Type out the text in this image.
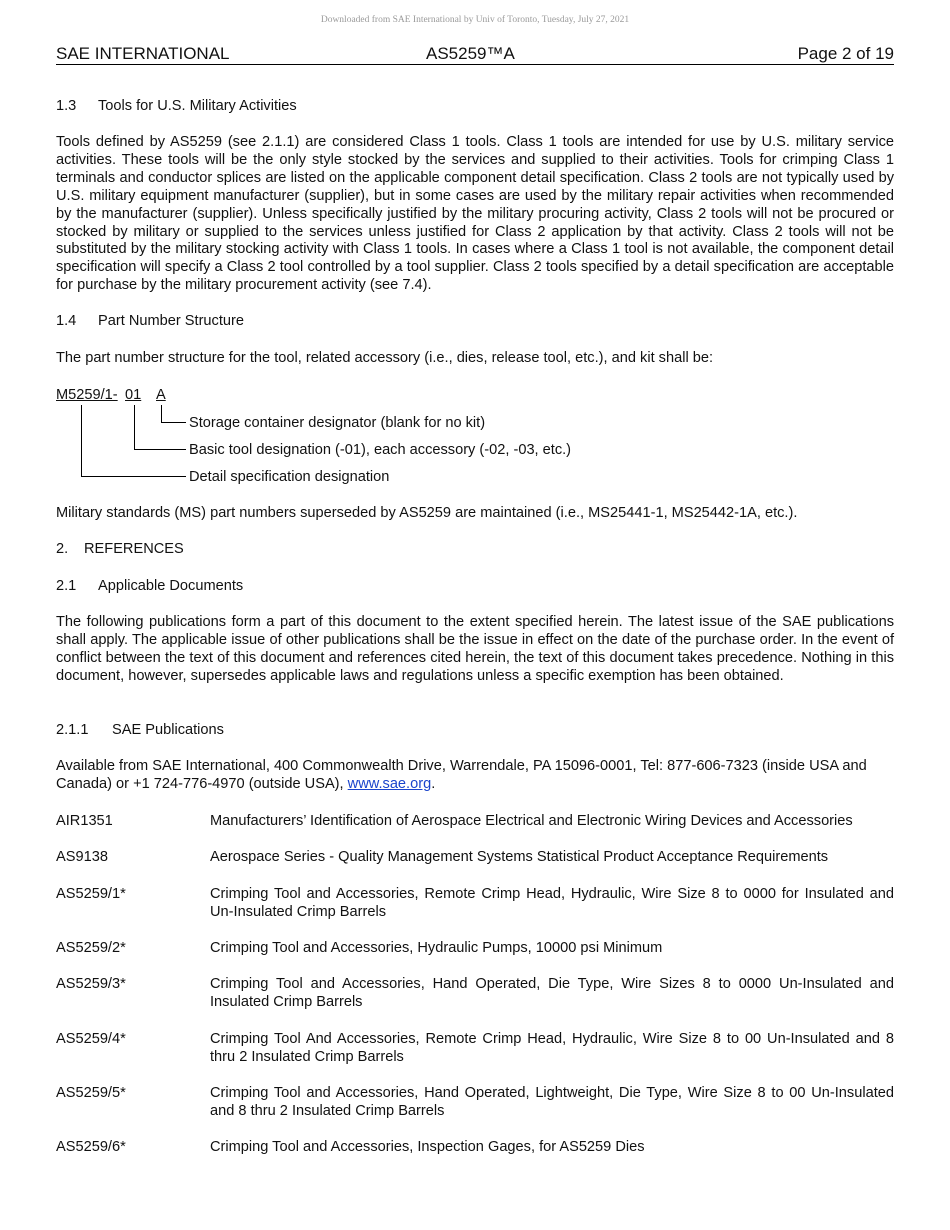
Downloaded from SAE International by Univ of Toronto, Tuesday, July 27, 2021
SAE INTERNATIONAL	AS5259™A	Page 2 of 19
1.3 Tools for U.S. Military Activities
Tools defined by AS5259 (see 2.1.1) are considered Class 1 tools. Class 1 tools are intended for use by U.S. military service activities. These tools will be the only style stocked by the services and supplied to their activities. Tools for crimping Class 1 terminals and conductor splices are listed on the applicable component detail specification. Class 2 tools are not typically used by U.S. military equipment manufacturer (supplier), but in some cases are used by the military repair activities when recommended by the manufacturer (supplier). Unless specifically justified by the military procuring activity, Class 2 tools will not be procured or stocked by military or supplied to the services unless justified for Class 2 application by that activity. Class 2 tools will not be substituted by the military stocking activity with Class 1 tools. In cases where a Class 1 tool is not available, the component detail specification will specify a Class 2 tool controlled by a tool supplier. Class 2 tools specified by a detail specification are acceptable for purchase by the military procurement activity (see 7.4).
1.4 Part Number Structure
The part number structure for the tool, related accessory (i.e., dies, release tool, etc.), and kit shall be:
M5259/1- 01 A
Storage container designator (blank for no kit)
Basic tool designation (-01), each accessory (-02, -03, etc.)
Detail specification designation
Military standards (MS) part numbers superseded by AS5259 are maintained (i.e., MS25441-1, MS25442-1A, etc.).
2. REFERENCES
2.1 Applicable Documents
The following publications form a part of this document to the extent specified herein. The latest issue of the SAE publications shall apply. The applicable issue of other publications shall be the issue in effect on the date of the purchase order. In the event of conflict between the text of this document and references cited herein, the text of this document takes precedence. Nothing in this document, however, supersedes applicable laws and regulations unless a specific exemption has been obtained.
2.1.1 SAE Publications
Available from SAE International, 400 Commonwealth Drive, Warrendale, PA 15096-0001, Tel: 877-606-7323 (inside USA and Canada) or +1 724-776-4970 (outside USA), www.sae.org.
AIR1351	Manufacturers’ Identification of Aerospace Electrical and Electronic Wiring Devices and Accessories
AS9138	Aerospace Series - Quality Management Systems Statistical Product Acceptance Requirements
AS5259/1*	Crimping Tool and Accessories, Remote Crimp Head, Hydraulic, Wire Size 8 to 0000 for Insulated and Un-Insulated Crimp Barrels
AS5259/2*	Crimping Tool and Accessories, Hydraulic Pumps, 10000 psi Minimum
AS5259/3*	Crimping Tool and Accessories, Hand Operated, Die Type, Wire Sizes 8 to 0000 Un-Insulated and Insulated Crimp Barrels
AS5259/4*	Crimping Tool And Accessories, Remote Crimp Head, Hydraulic, Wire Size 8 to 00 Un-Insulated and 8 thru 2 Insulated Crimp Barrels
AS5259/5*	Crimping Tool and Accessories, Hand Operated, Lightweight, Die Type, Wire Size 8 to 00 Un-Insulated and 8 thru 2 Insulated Crimp Barrels
AS5259/6*	Crimping Tool and Accessories, Inspection Gages, for AS5259 Dies
